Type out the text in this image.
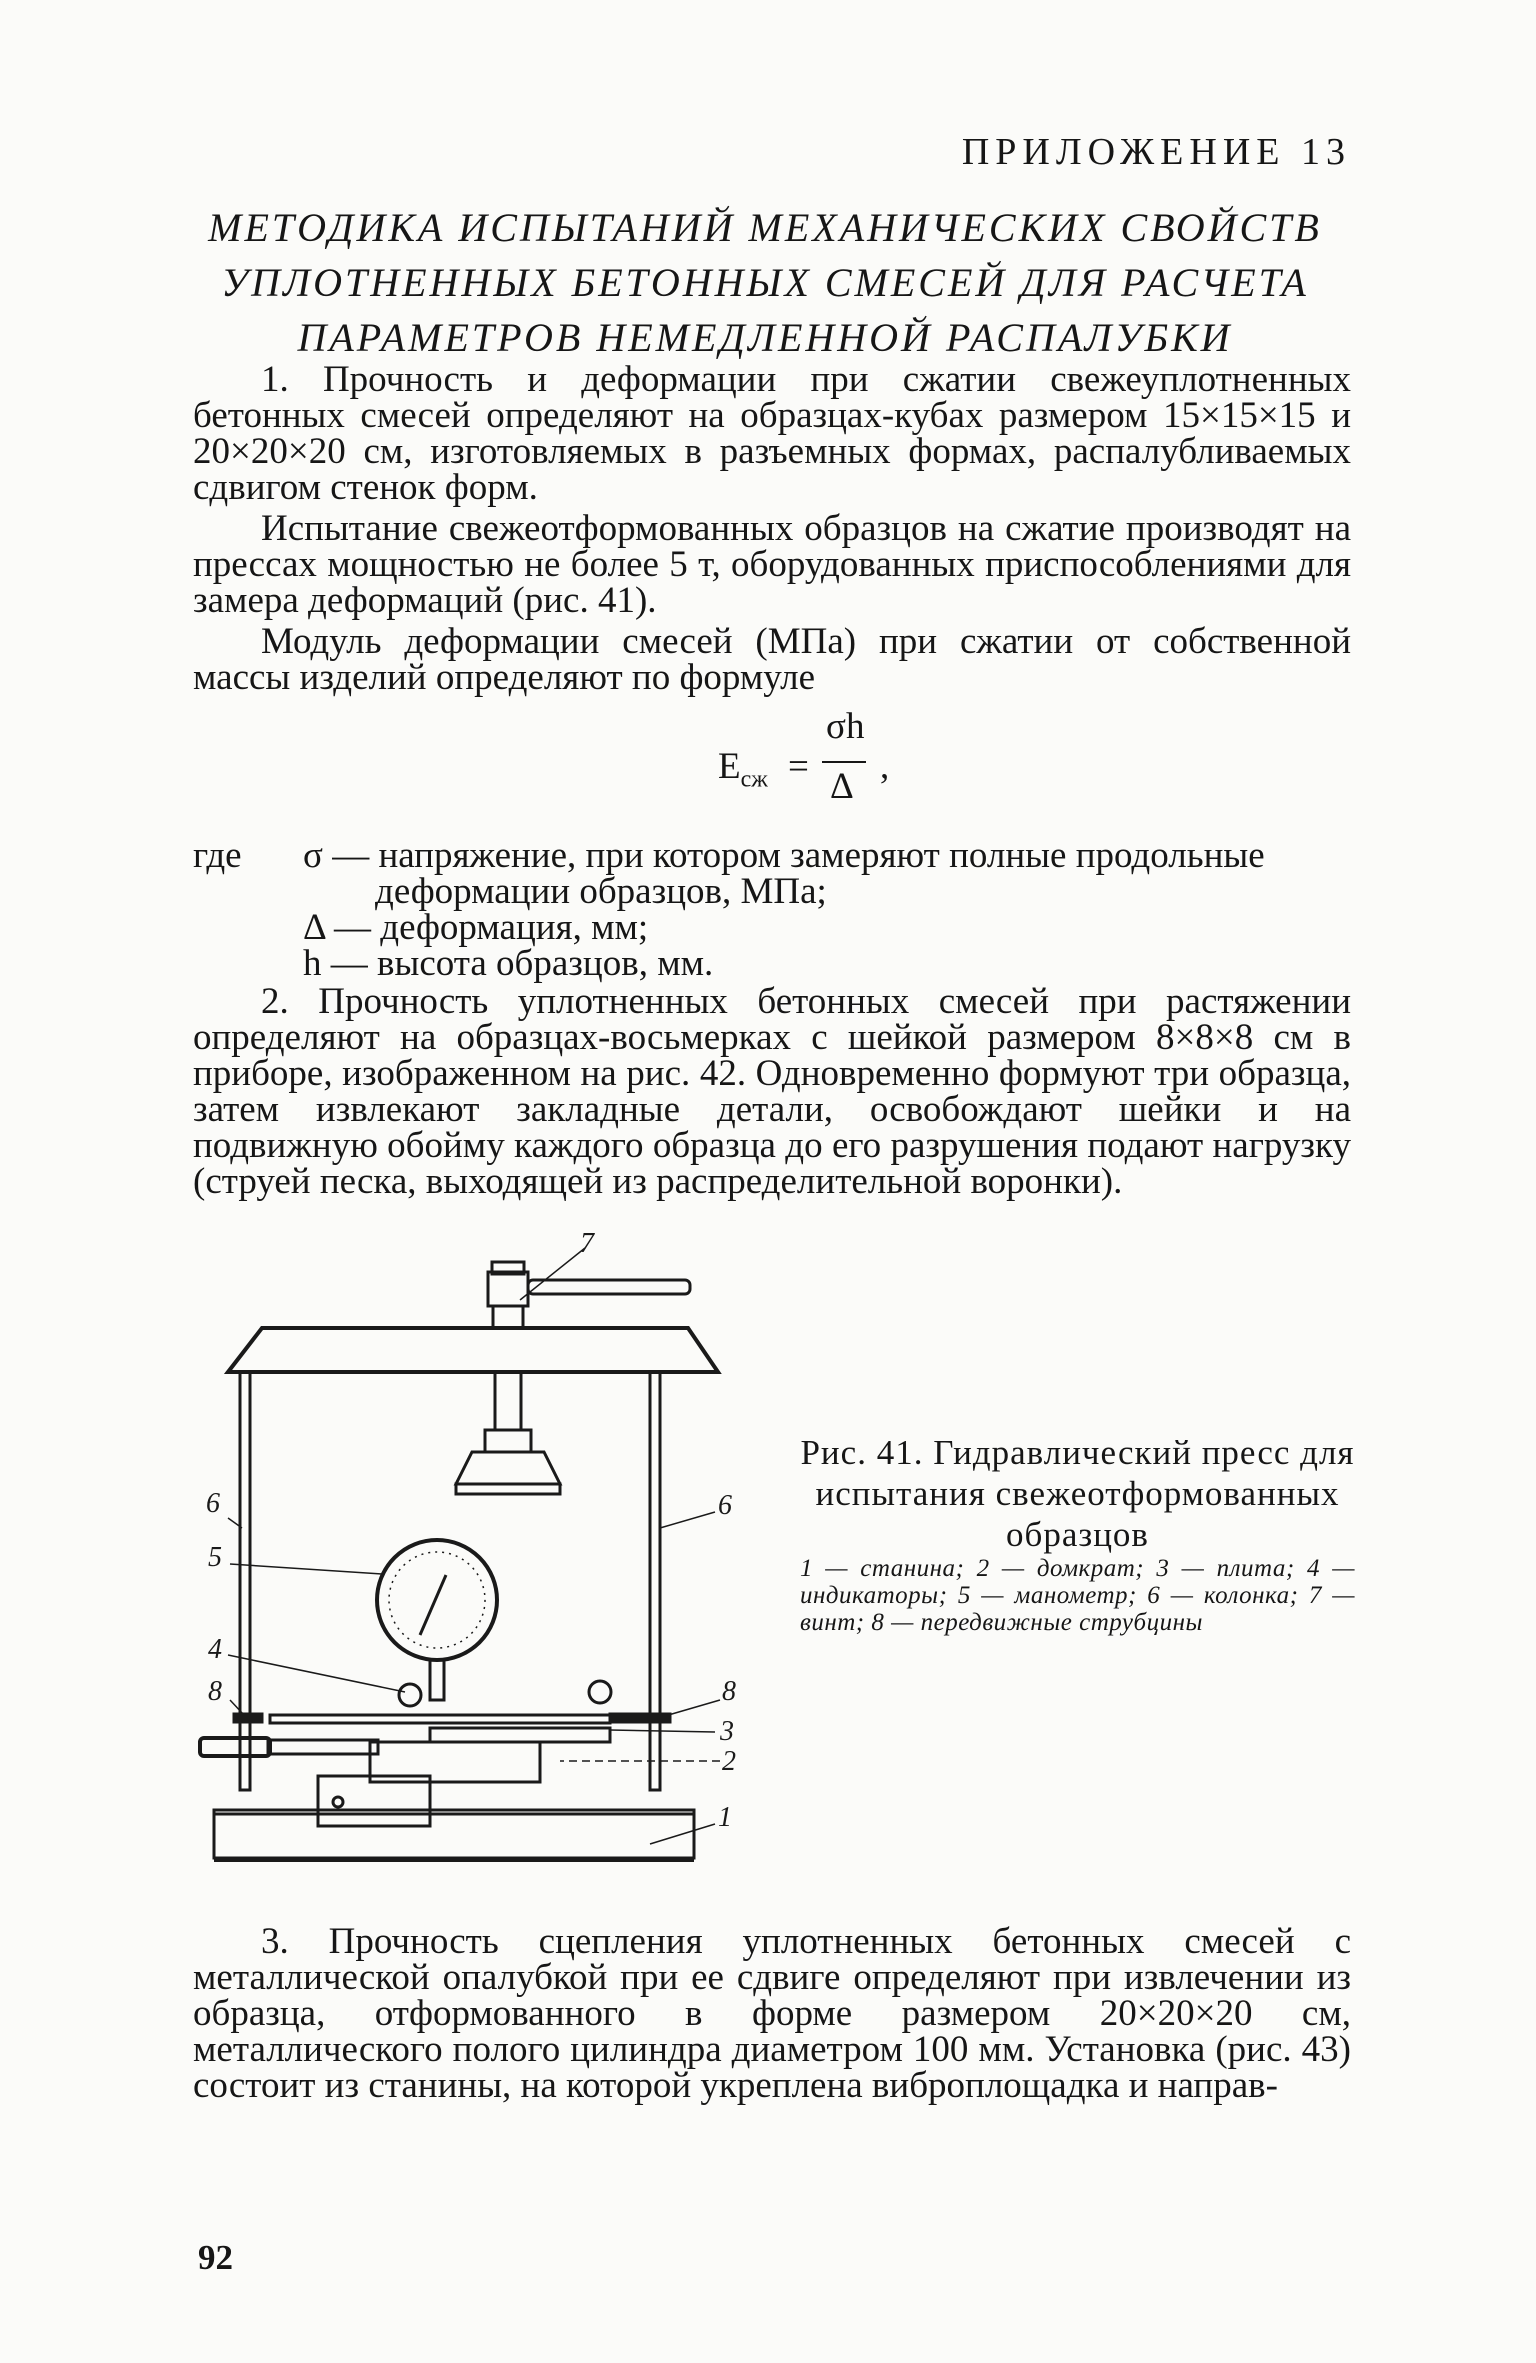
ПРИЛОЖЕНИЕ 13
МЕТОДИКА ИСПЫТАНИЙ МЕХАНИЧЕСКИХ СВОЙСТВ
УПЛОТНЕННЫХ БЕТОННЫХ СМЕСЕЙ ДЛЯ РАСЧЕТА
ПАРАМЕТРОВ НЕМЕДЛЕННОЙ РАСПАЛУБКИ

1. Прочность и деформации при сжатии свежеуплотненных бетонных смесей определяют на образцах-кубах размером 15×15×15 и 20×20×20 см, изготовляемых в разъемных формах, распалубливаемых сдвигом стенок форм.

Испытание свежеотформованных образцов на сжатие производят на прессах мощностью не более 5 т, оборудованных приспособлениями для замера деформаций (рис. 41).

Модуль деформации смесей (МПа) при сжатии от собственной массы изделий определяют по формуле

$E_{сж}$ =
σh
Δ ,
где σ — напряжение, при котором замеряют полные продольные деформации образцов, МПа;

Δ — деформация, мм;

h — высота образцов, мм.

2. Прочность уплотненных бетонных смесей при растяжении определяют на образцах-восьмерках с шейкой размером 8×8×8 см в приборе, изображенном на рис. 42. Одновременно формуют три образца, затем извлекают закладные детали, освобождают шейки и на подвижную обойму каждого образца до его разрушения подают нагрузку (струей песка, выходящей из распределительной воронки).

7
6	6
5
4
8	8
3
2
1
Рис. 41. Гидравлический пресс для испытания свежеотформованных образцов
1 — станина; 2 — домкрат; 3 — плита; 4 — индикаторы; 5 — манометр; 6 — колонка; 7 — винт; 8 — передвижные струбцины

3. Прочность сцепления уплотненных бетонных смесей с металлической опалубкой при ее сдвиге определяют при извлечении из образца, отформованного в форме размером 20×20×20 см, металлического полого цилиндра диаметром 100 мм. Установка (рис. 43) состоит из станины, на которой укреплена виброплощадка и направ-

92
